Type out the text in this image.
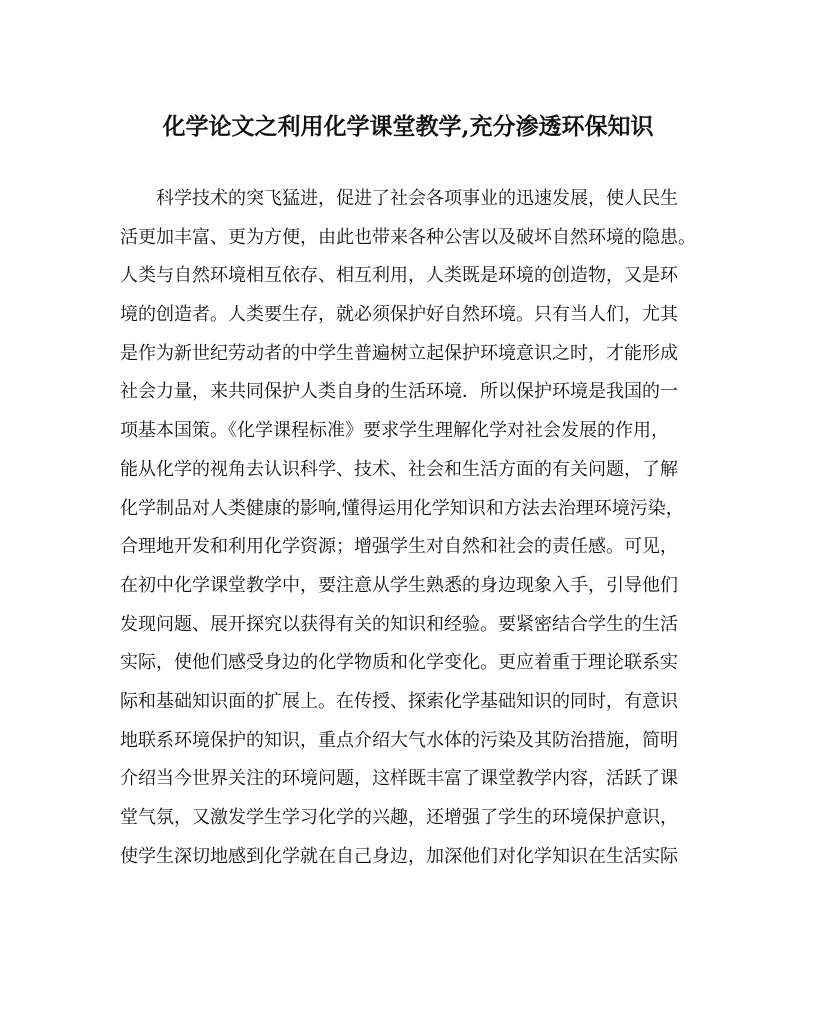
化学论文之利用化学课堂教学,充分渗透环保知识
科学技术的突飞猛进，促进了社会各项事业的迅速发展，使人民生
活更加丰富、更为方便，由此也带来各种公害以及破坏自然环境的隐患。
人类与自然环境相互依存、相互利用，人类既是环境的创造物，又是环
境的创造者。人类要生存，就必须保护好自然环境。只有当人们，尤其
是作为新世纪劳动者的中学生普遍树立起保护环境意识之时，才能形成
社会力量，来共同保护人类自身的生活环境．所以保护环境是我国的一
项基本国策。《化学课程标准》要求学生理解化学对社会发展的作用，
能从化学的视角去认识科学、技术、社会和生活方面的有关问题，了解
化学制品对人类健康的影响,懂得运用化学知识和方法去治理环境污染，
合理地开发和利用化学资源；增强学生对自然和社会的责任感。可见，
在初中化学课堂教学中，要注意从学生熟悉的身边现象入手，引导他们
发现问题、展开探究以获得有关的知识和经验。要紧密结合学生的生活
实际，使他们感受身边的化学物质和化学变化。更应着重于理论联系实
际和基础知识面的扩展上。在传授、探索化学基础知识的同时，有意识
地联系环境保护的知识，重点介绍大气水体的污染及其防治措施，简明
介绍当今世界关注的环境问题，这样既丰富了课堂教学内容，活跃了课
堂气氛，又激发学生学习化学的兴趣，还增强了学生的环境保护意识，
使学生深切地感到化学就在自己身边，加深他们对化学知识在生活实际
